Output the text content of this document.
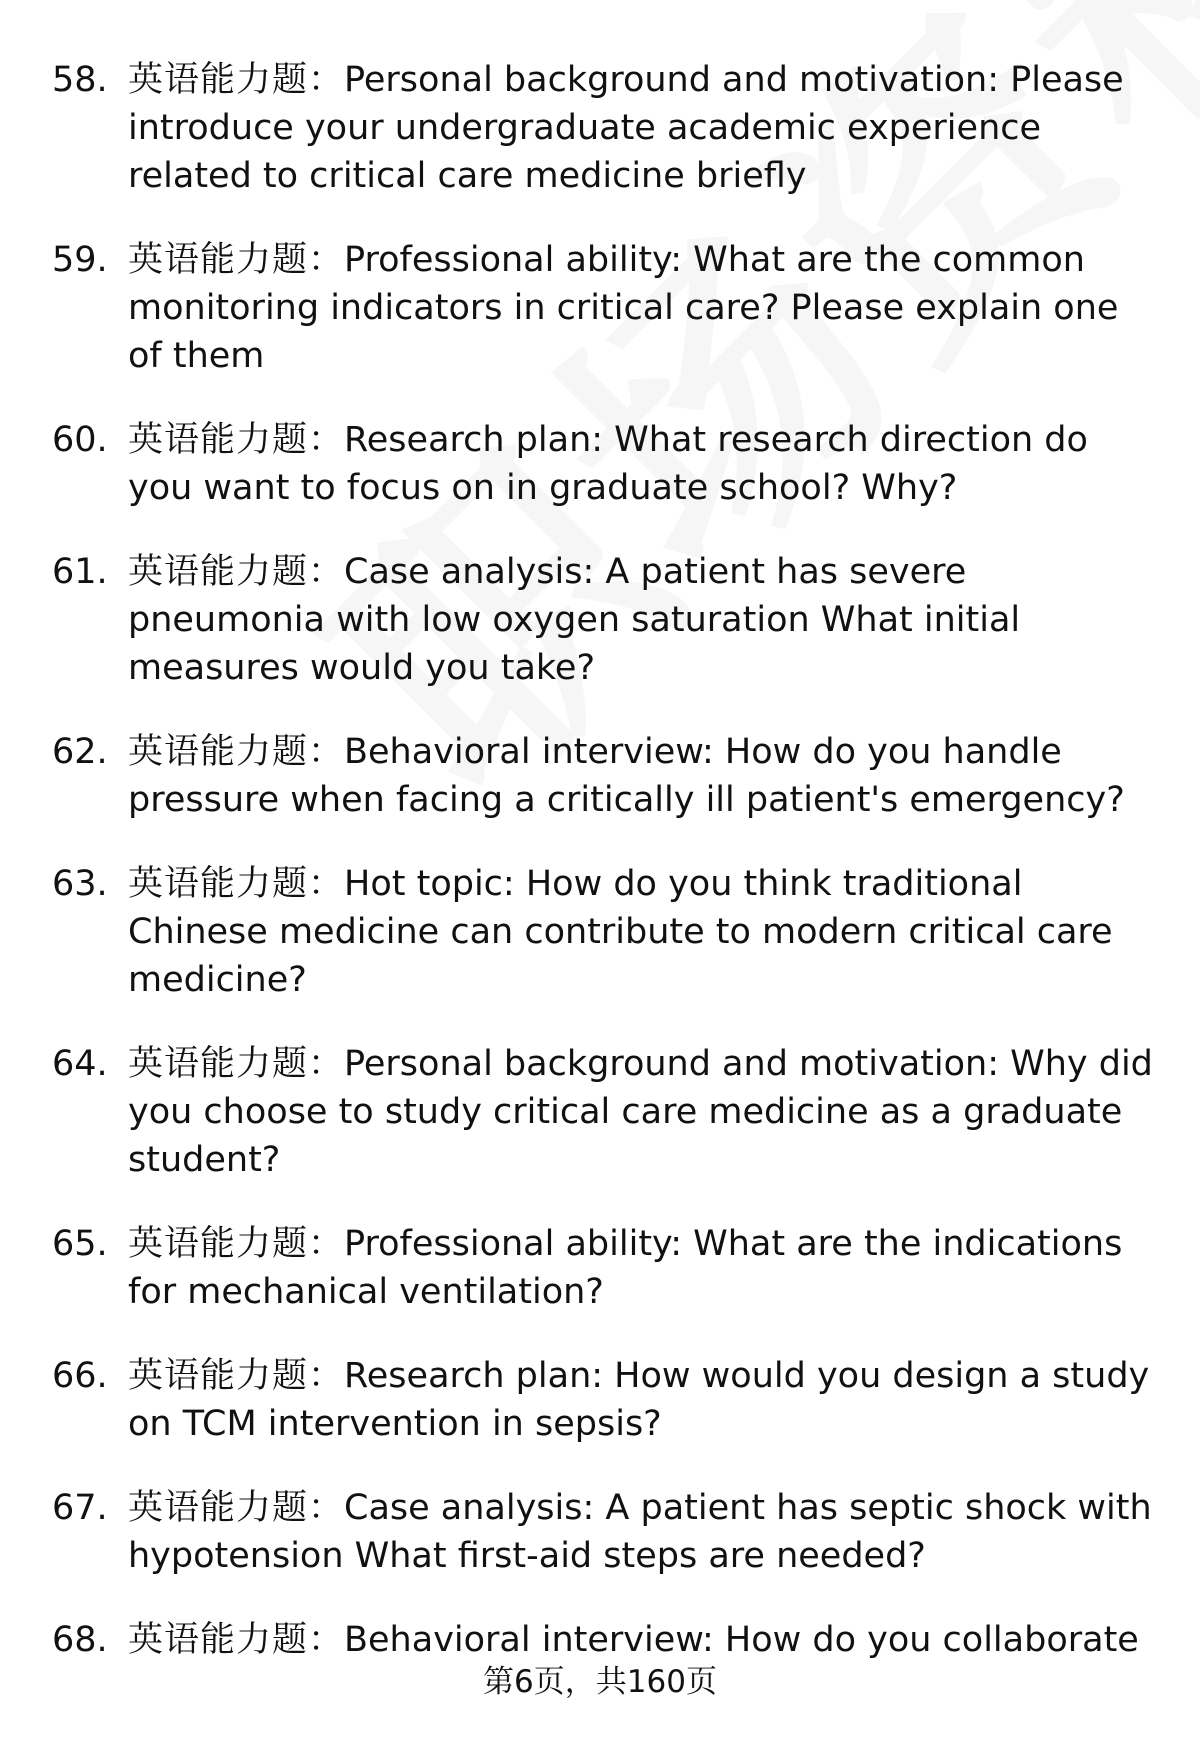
58. 英语能力题：Personal background and motivation: Please introduce your undergraduate academic experience related to critical care medicine briefly
59. 英语能力题：Professional ability: What are the common monitoring indicators in critical care? Please explain one of them
60. 英语能力题：Research plan: What research direction do you want to focus on in graduate school? Why?
61. 英语能力题：Case analysis: A patient has severe pneumonia with low oxygen saturation What initial measures would you take?
62. 英语能力题：Behavioral interview: How do you handle pressure when facing a critically ill patient's emergency?
63. 英语能力题：Hot topic: How do you think traditional Chinese medicine can contribute to modern critical care medicine?
64. 英语能力题：Personal background and motivation: Why did you choose to study critical care medicine as a graduate student?
65. 英语能力题：Professional ability: What are the indications for mechanical ventilation?
66. 英语能力题：Research plan: How would you design a study on TCM intervention in sepsis?
67. 英语能力题：Case analysis: A patient has septic shock with hypotension What first-aid steps are needed?
68. 英语能力题：Behavioral interview: How do you collaborate
第6页，共160页
